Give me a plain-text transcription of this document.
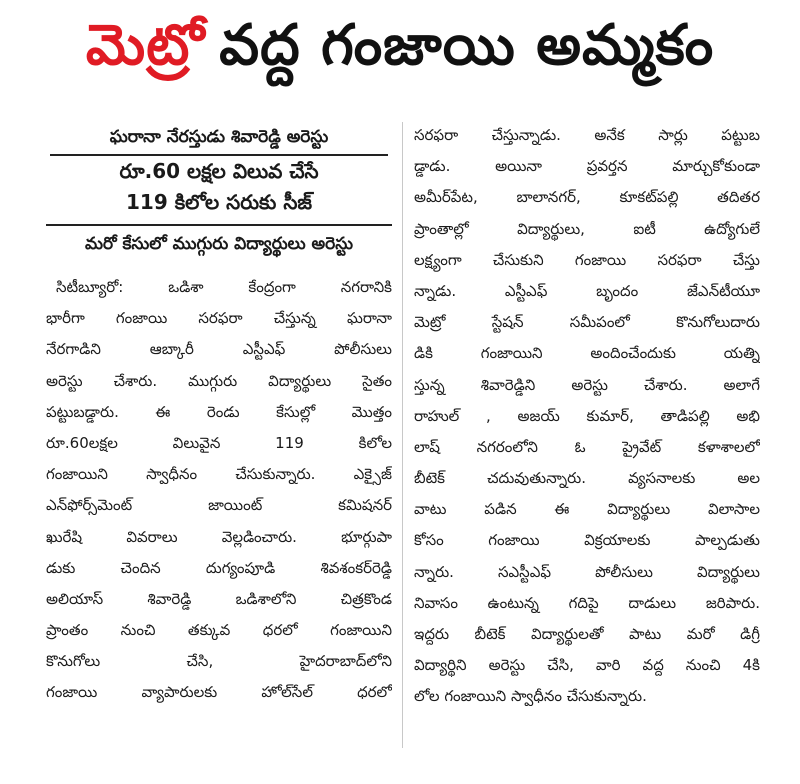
మెట్రో వద్ద గంజాయి అమ్మకం
ఘరానా నేరస్తుడు శివారెడ్డి అరెస్టు
రూ.60 లక్షల విలువ చేసే
119 కిలోల సరుకు సీజ్
మరో కేసులో ముగ్గురు విద్యార్థులు అరెస్టు
సిటీబ్యూరో: ఒడిశా కేంద్రంగా నగరానికి
భారీగా గంజాయి సరఫరా చేస్తున్న ఘరానా
నేరగాడిని ఆబ్కారీ ఎస్టీఎఫ్ పోలీసులు
అరెస్టు చేశారు. ముగ్గురు విద్యార్థులు సైతం
పట్టుబడ్డారు. ఈ రెండు కేసుల్లో మొత్తం
రూ.60లక్షల విలువైన 119 కిలోల
గంజాయిని స్వాధీనం చేసుకున్నారు. ఎక్సైజ్
ఎన్‌ఫోర్స్‌మెంట్ జాయింట్ కమిషనర్
ఖురేషి వివరాలు వెల్లడించారు. భూర్గుపా
డుకు చెందిన దుగ్యంపూడి శివశంకర్‌రెడ్డి
అలియాస్ శివారెడ్డి ఒడిశాలోని చిత్రకొండ
ప్రాంతం నుంచి తక్కువ ధరలో గంజాయిని
కొనుగోలు చేసి, హైదరాబాద్‌లోని
గంజాయి వ్యాపారులకు హోల్‌సేల్ ధరలో
సరఫరా చేస్తున్నాడు. అనేక సార్లు పట్టుబ
డ్డాడు. అయినా ప్రవర్తన మార్చుకోకుండా
అమీర్‌పేట, బాలానగర్, కూకట్‌పల్లి తదితర
ప్రాంతాల్లో విద్యార్థులు, ఐటీ ఉద్యోగులే
లక్ష్యంగా చేసుకుని గంజాయి సరఫరా చేస్తు
న్నాడు. ఎస్టీఎఫ్ బృందం జేఎన్‌టీయూ
మెట్రో స్టేషన్ సమీపంలో కొనుగోలుదారు
డికి గంజాయిని అందించేందుకు యత్ని
స్తున్న శివారెడ్డిని అరెస్టు చేశారు. అలాగే
రాహుల్ , అజయ్ కుమార్, తాడిపల్లి అభి
లాష్ నగరంలోని ఓ ప్రైవేట్ కళాశాలలో
బీటెక్ చదువుతున్నారు. వ్యసనాలకు అల
వాటు పడిన ఈ విద్యార్థులు విలాసాల
కోసం గంజాయి విక్రయాలకు పాల్పడుతు
న్నారు. సఎస్టీఎఫ్ పోలీసులు విద్యార్థులు
నివాసం ఉంటున్న గదిపై దాడులు జరిపారు.
ఇద్దరు బీటెక్ విద్యార్థులతో పాటు మరో డిగ్రీ
విద్యార్థిని అరెస్టు చేసి, వారి వద్ద నుంచి 4కి
లోల గంజాయిని స్వాధీనం చేసుకున్నారు.
